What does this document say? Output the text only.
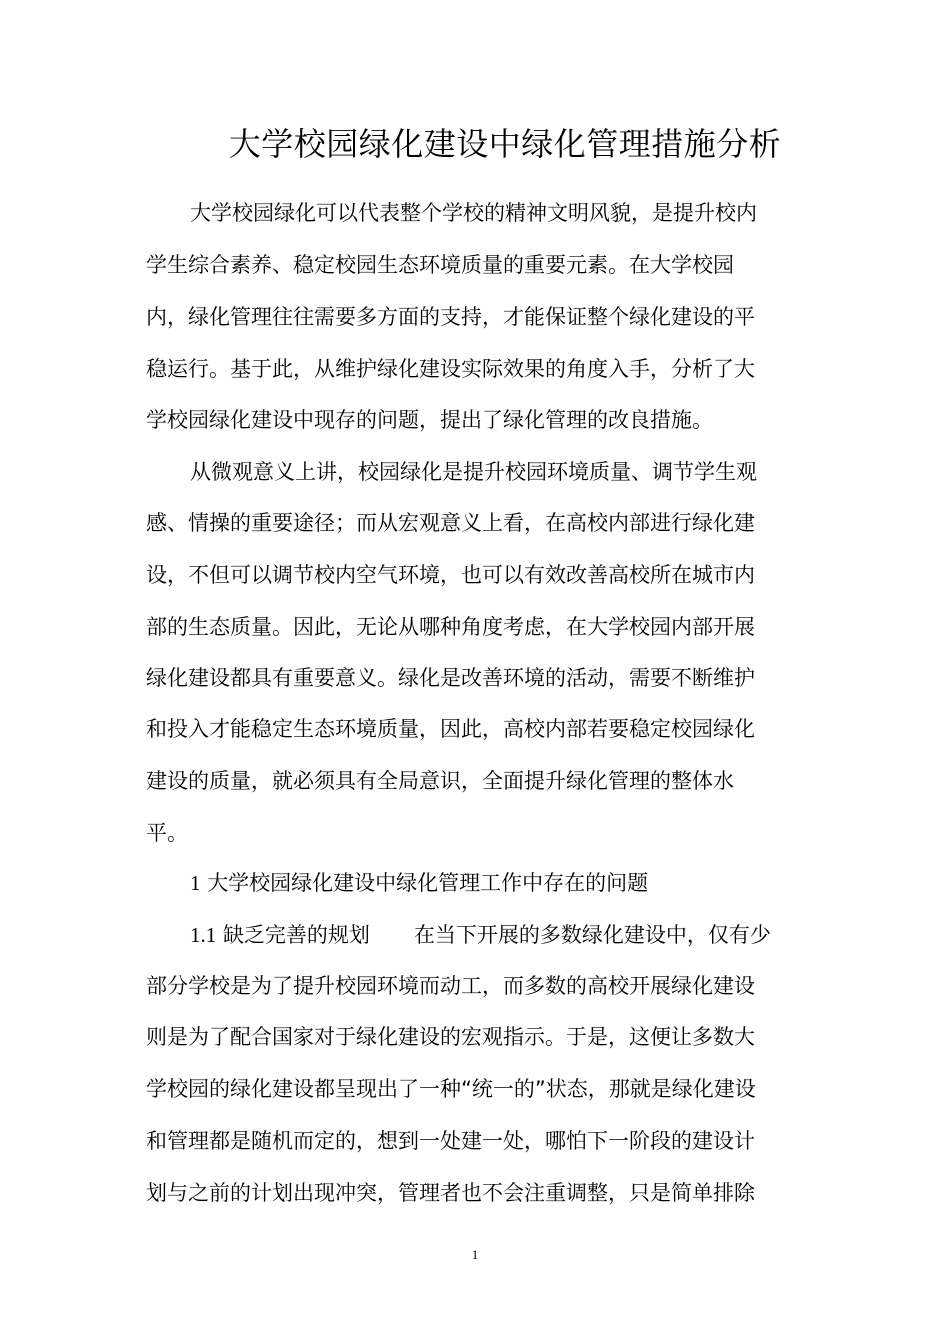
大学校园绿化建设中绿化管理措施分析
大学校园绿化可以代表整个学校的精神文明风貌，是提升校内
学生综合素养、稳定校园生态环境质量的重要元素。在大学校园
内，绿化管理往往需要多方面的支持，才能保证整个绿化建设的平
稳运行。基于此，从维护绿化建设实际效果的角度入手，分析了大
学校园绿化建设中现存的问题，提出了绿化管理的改良措施。
从微观意义上讲，校园绿化是提升校园环境质量、调节学生观
感、情操的重要途径；而从宏观意义上看，在高校内部进行绿化建
设，不但可以调节校内空气环境，也可以有效改善高校所在城市内
部的生态质量。因此，无论从哪种角度考虑，在大学校园内部开展
绿化建设都具有重要意义。绿化是改善环境的活动，需要不断维护
和投入才能稳定生态环境质量，因此，高校内部若要稳定校园绿化
建设的质量，就必须具有全局意识，全面提升绿化管理的整体水
平。
1 大学校园绿化建设中绿化管理工作中存在的问题
1.1 缺乏完善的规划 在当下开展的多数绿化建设中，仅有少
部分学校是为了提升校园环境而动工，而多数的高校开展绿化建设
则是为了配合国家对于绿化建设的宏观指示。于是，这便让多数大
学校园的绿化建设都呈现出了一种“统一的”状态，那就是绿化建设
和管理都是随机而定的，想到一处建一处，哪怕下一阶段的建设计
划与之前的计划出现冲突，管理者也不会注重调整，只是简单排除
1
